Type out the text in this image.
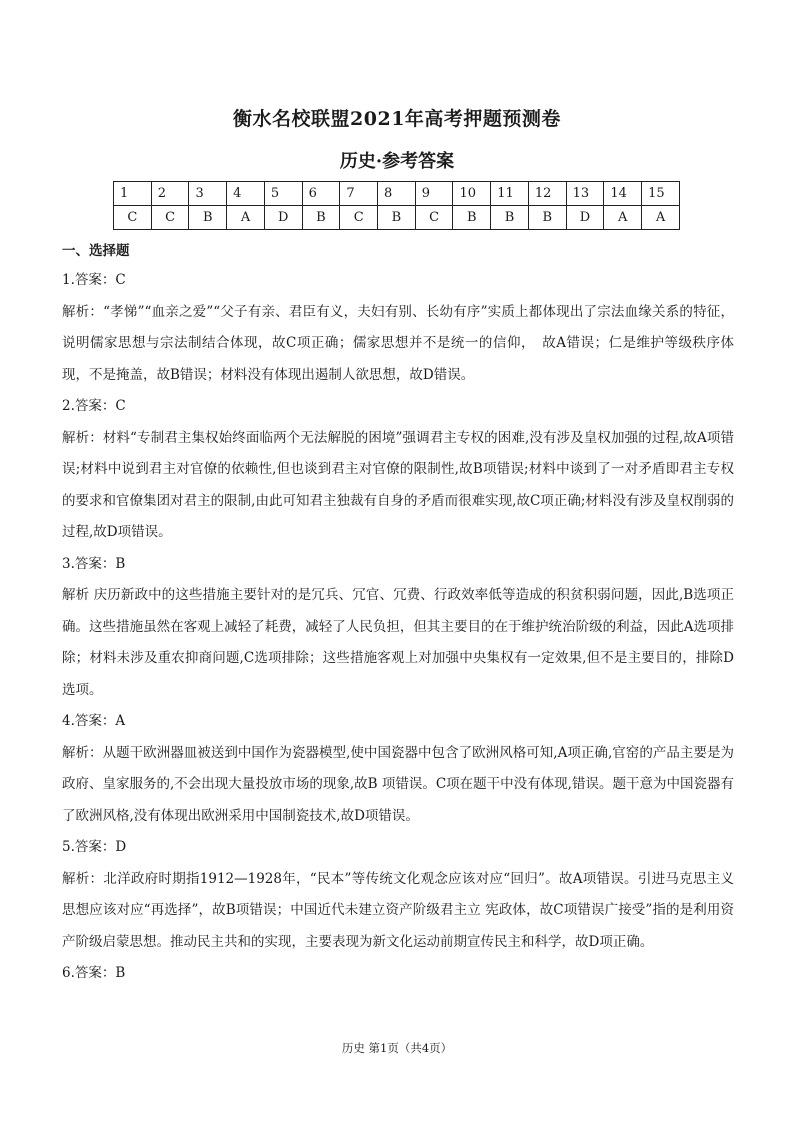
衡水名校联盟2021年高考押题预测卷
历史·参考答案
1	2	3	4	5	6	7	8	9	10	11	12	13	14	15
C	C	B	A	D	B	C	B	C	B	B	B	D	A	A
一、选择题

1.答案：C

解析：“孝悌”“血亲之爱”“父子有亲、君臣有义，夫妇有别、长幼有序”实质上都体现出了宗法血缘关系的特征，说明儒家思想与宗法制结合体现，故C项正确；儒家思想并不是统一的信仰，　故A错误；仁是维护等级秩序体现，不是掩盖，故B错误；材料没有体现出遏制人欲思想，故D错误。

2.答案：C

解析：材料“专制君主集权始终面临两个无法解脱的困境”强调君主专权的困难,没有涉及皇权加强的过程,故A项错误;材料中说到君主对官僚的依赖性,但也谈到君主对官僚的限制性,故B项错误;材料中谈到了一对矛盾即君主专权的要求和官僚集团对君主的限制,由此可知君主独裁有自身的矛盾而很难实现,故C项正确;材料没有涉及皇权削弱的过程,故D项错误。

3.答案：B

解析 庆历新政中的这些措施主要针对的是冗兵、冗官、冗费、行政效率低等造成的积贫积弱问题，因此,B选项正确。这些措施虽然在客观上减轻了耗费，减轻了人民负担，但其主要目的在于维护统治阶级的利益，因此A选项排除；材料未涉及重农抑商问题,C选项排除；这些措施客观上对加强中央集权有一定效果,但不是主要目的，排除D选项。

4.答案：A

解析：从题干欧洲器皿被送到中国作为瓷器模型,使中国瓷器中包含了欧洲风格可知,A项正确,官窑的产品主要是为政府、皇家服务的,不会出现大量投放市场的现象,故B 项错误。C项在题干中没有体现,错误。题干意为中国瓷器有了欧洲风格,没有体现出欧洲采用中国制瓷技术,故D项错误。

5.答案：D

解析：北洋政府时期指1912—1928年，“民本”等传统文化观念应该对应“回归”。故A项错误。引进马克思主义思想应该对应“再选择”，故B项错误；中国近代未建立资产阶级君主立 宪政体，故C项错误广接受”指的是利用资产阶级启蒙思想。推动民主共和的实现，主要表现为新文化运动前期宣传民主和科学，故D项正确。

6.答案：B

历史 第1页（共4页）
